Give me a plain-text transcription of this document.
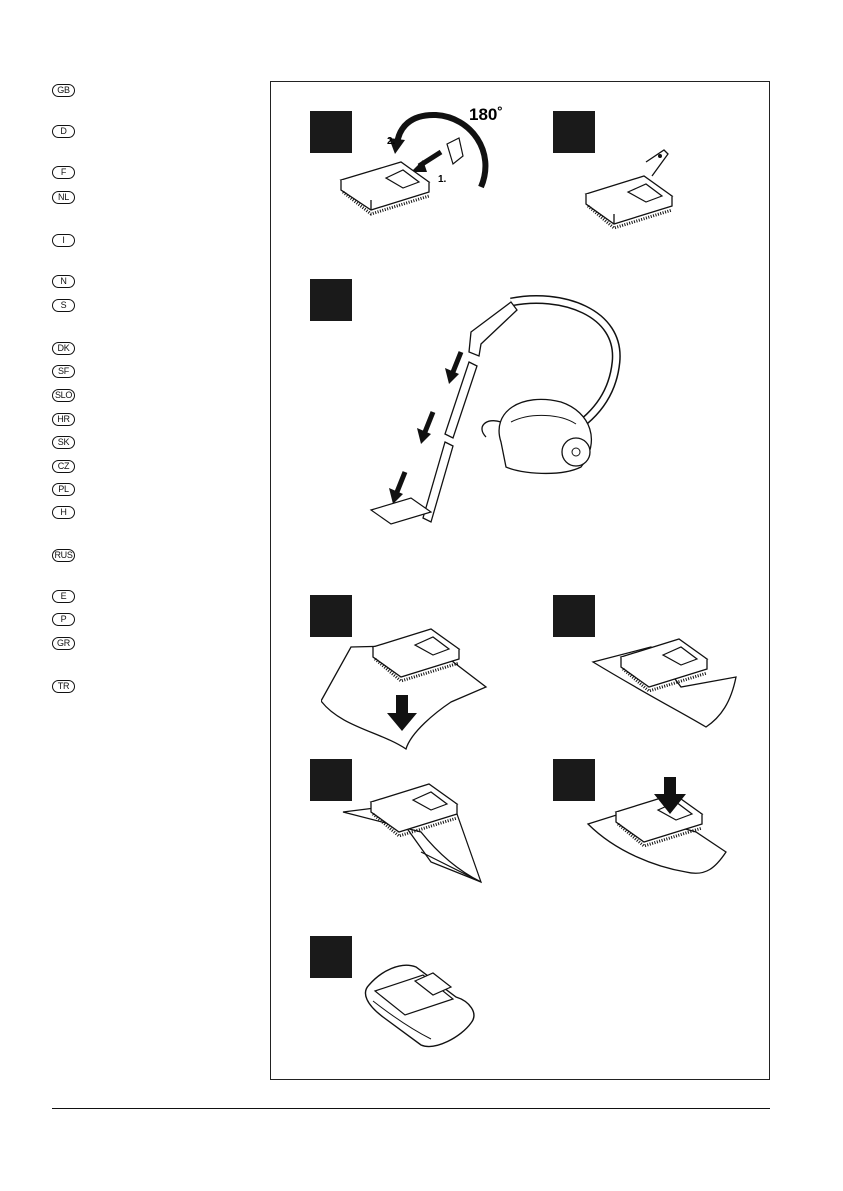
GB
D
F
NL
I
N
S
DK
SF
SLO
HR
SK
CZ
PL
H
RUS
E
P
GR
TR
180˚
2.
1.
